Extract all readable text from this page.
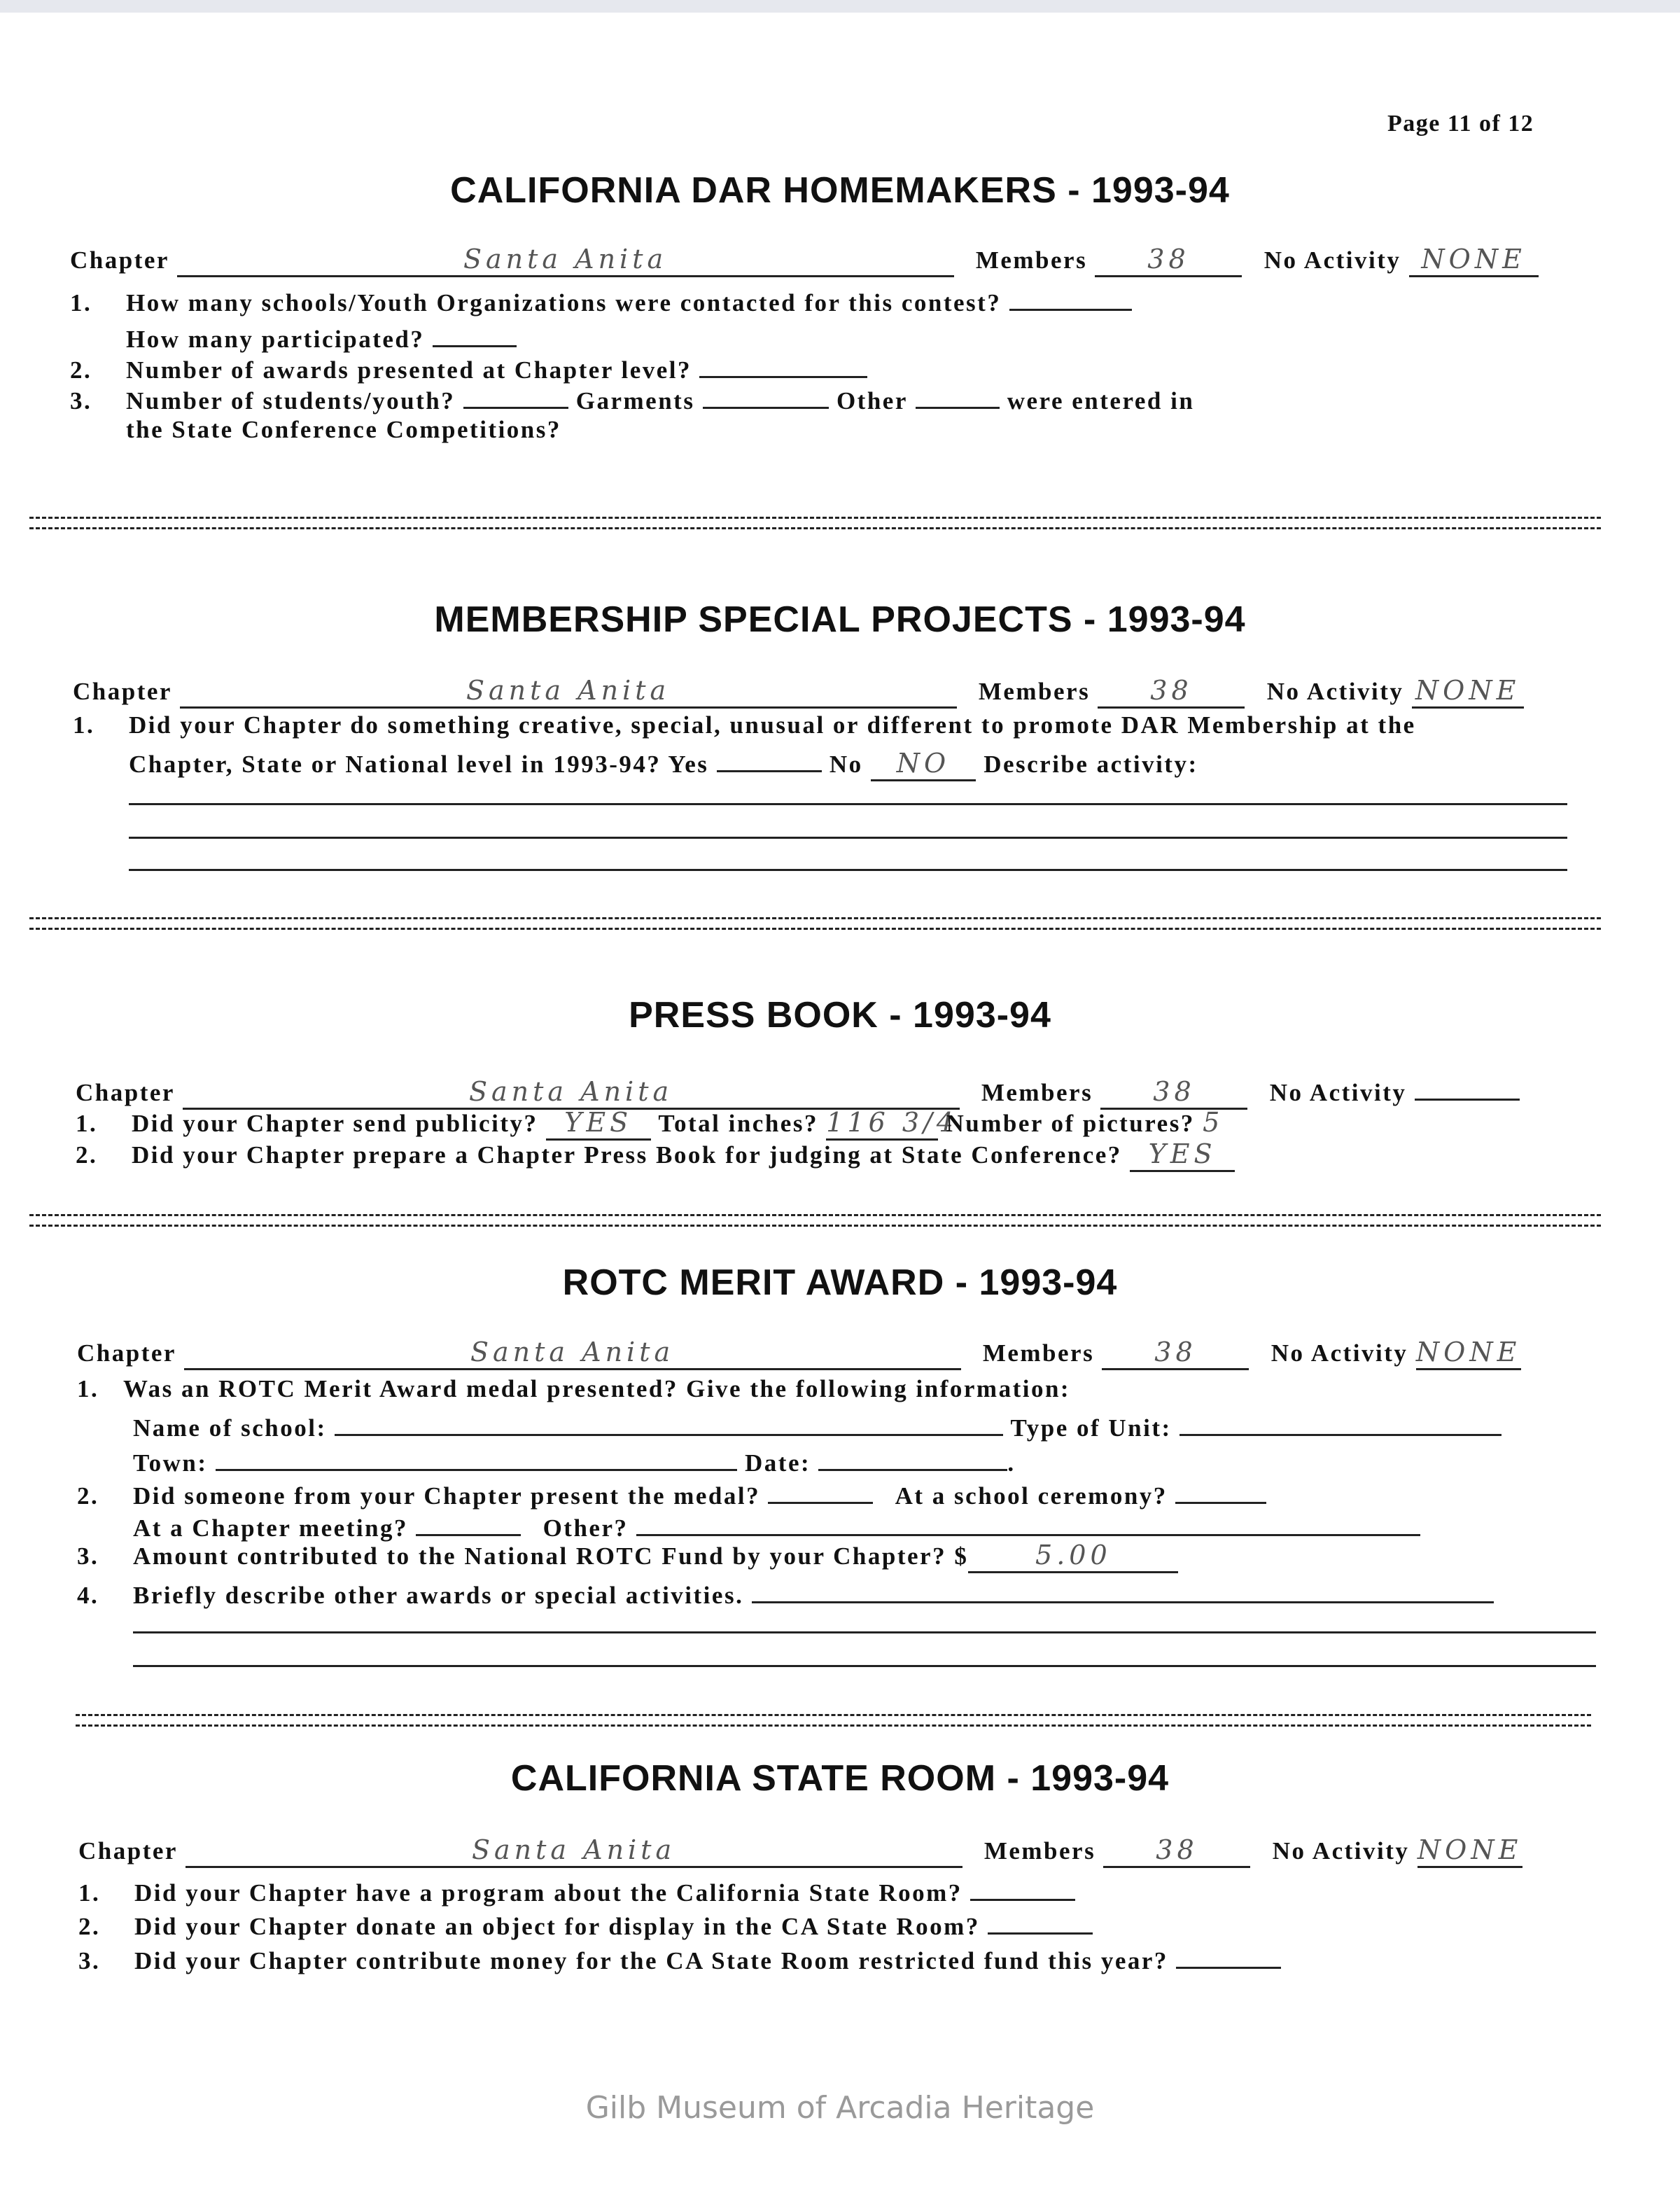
Page 11 of 12
CALIFORNIA DAR HOMEMAKERS - 1993-94
Chapter	Santa Anita	Members 38	No Activity NONE
1. How many schools/Youth Organizations were contacted for this contest?
How many participated?
2. Number of awards presented at Chapter level?
3. Number of students/youth?	Garments	Other	were entered in
the State Conference Competitions?
MEMBERSHIP SPECIAL PROJECTS - 1993-94
Chapter	Santa Anita	Members 38	No Activity NONE
1. Did your Chapter do something creative, special, unusual or different to promote DAR Membership at the
Chapter, State or National level in 1993-94? Yes	No NO Describe activity:
PRESS BOOK - 1993-94
Chapter	Santa Anita	Members 38	No Activity
1. Did your Chapter send publicity? YES Total inches? 116 3/4 Number of pictures? 5
2. Did your Chapter prepare a Chapter Press Book for judging at State Conference? YES
ROTC MERIT AWARD - 1993-94
Chapter	Santa Anita	Members 38	No Activity NONE
1. Was an ROTC Merit Award medal presented? Give the following information:
Name of school:	Type of Unit:
Town:	Date:	.
2. Did someone from your Chapter present the medal?	At a school ceremony?
At a Chapter meeting?	Other?
3. Amount contributed to the National ROTC Fund by your Chapter? $	5.00
4. Briefly describe other awards or special activities.
CALIFORNIA STATE ROOM - 1993-94
Chapter	Santa Anita	Members 38	No Activity NONE
1. Did your Chapter have a program about the California State Room?
2. Did your Chapter donate an object for display in the CA State Room?
3. Did your Chapter contribute money for the CA State Room restricted fund this year?
Gilb Museum of Arcadia Heritage
